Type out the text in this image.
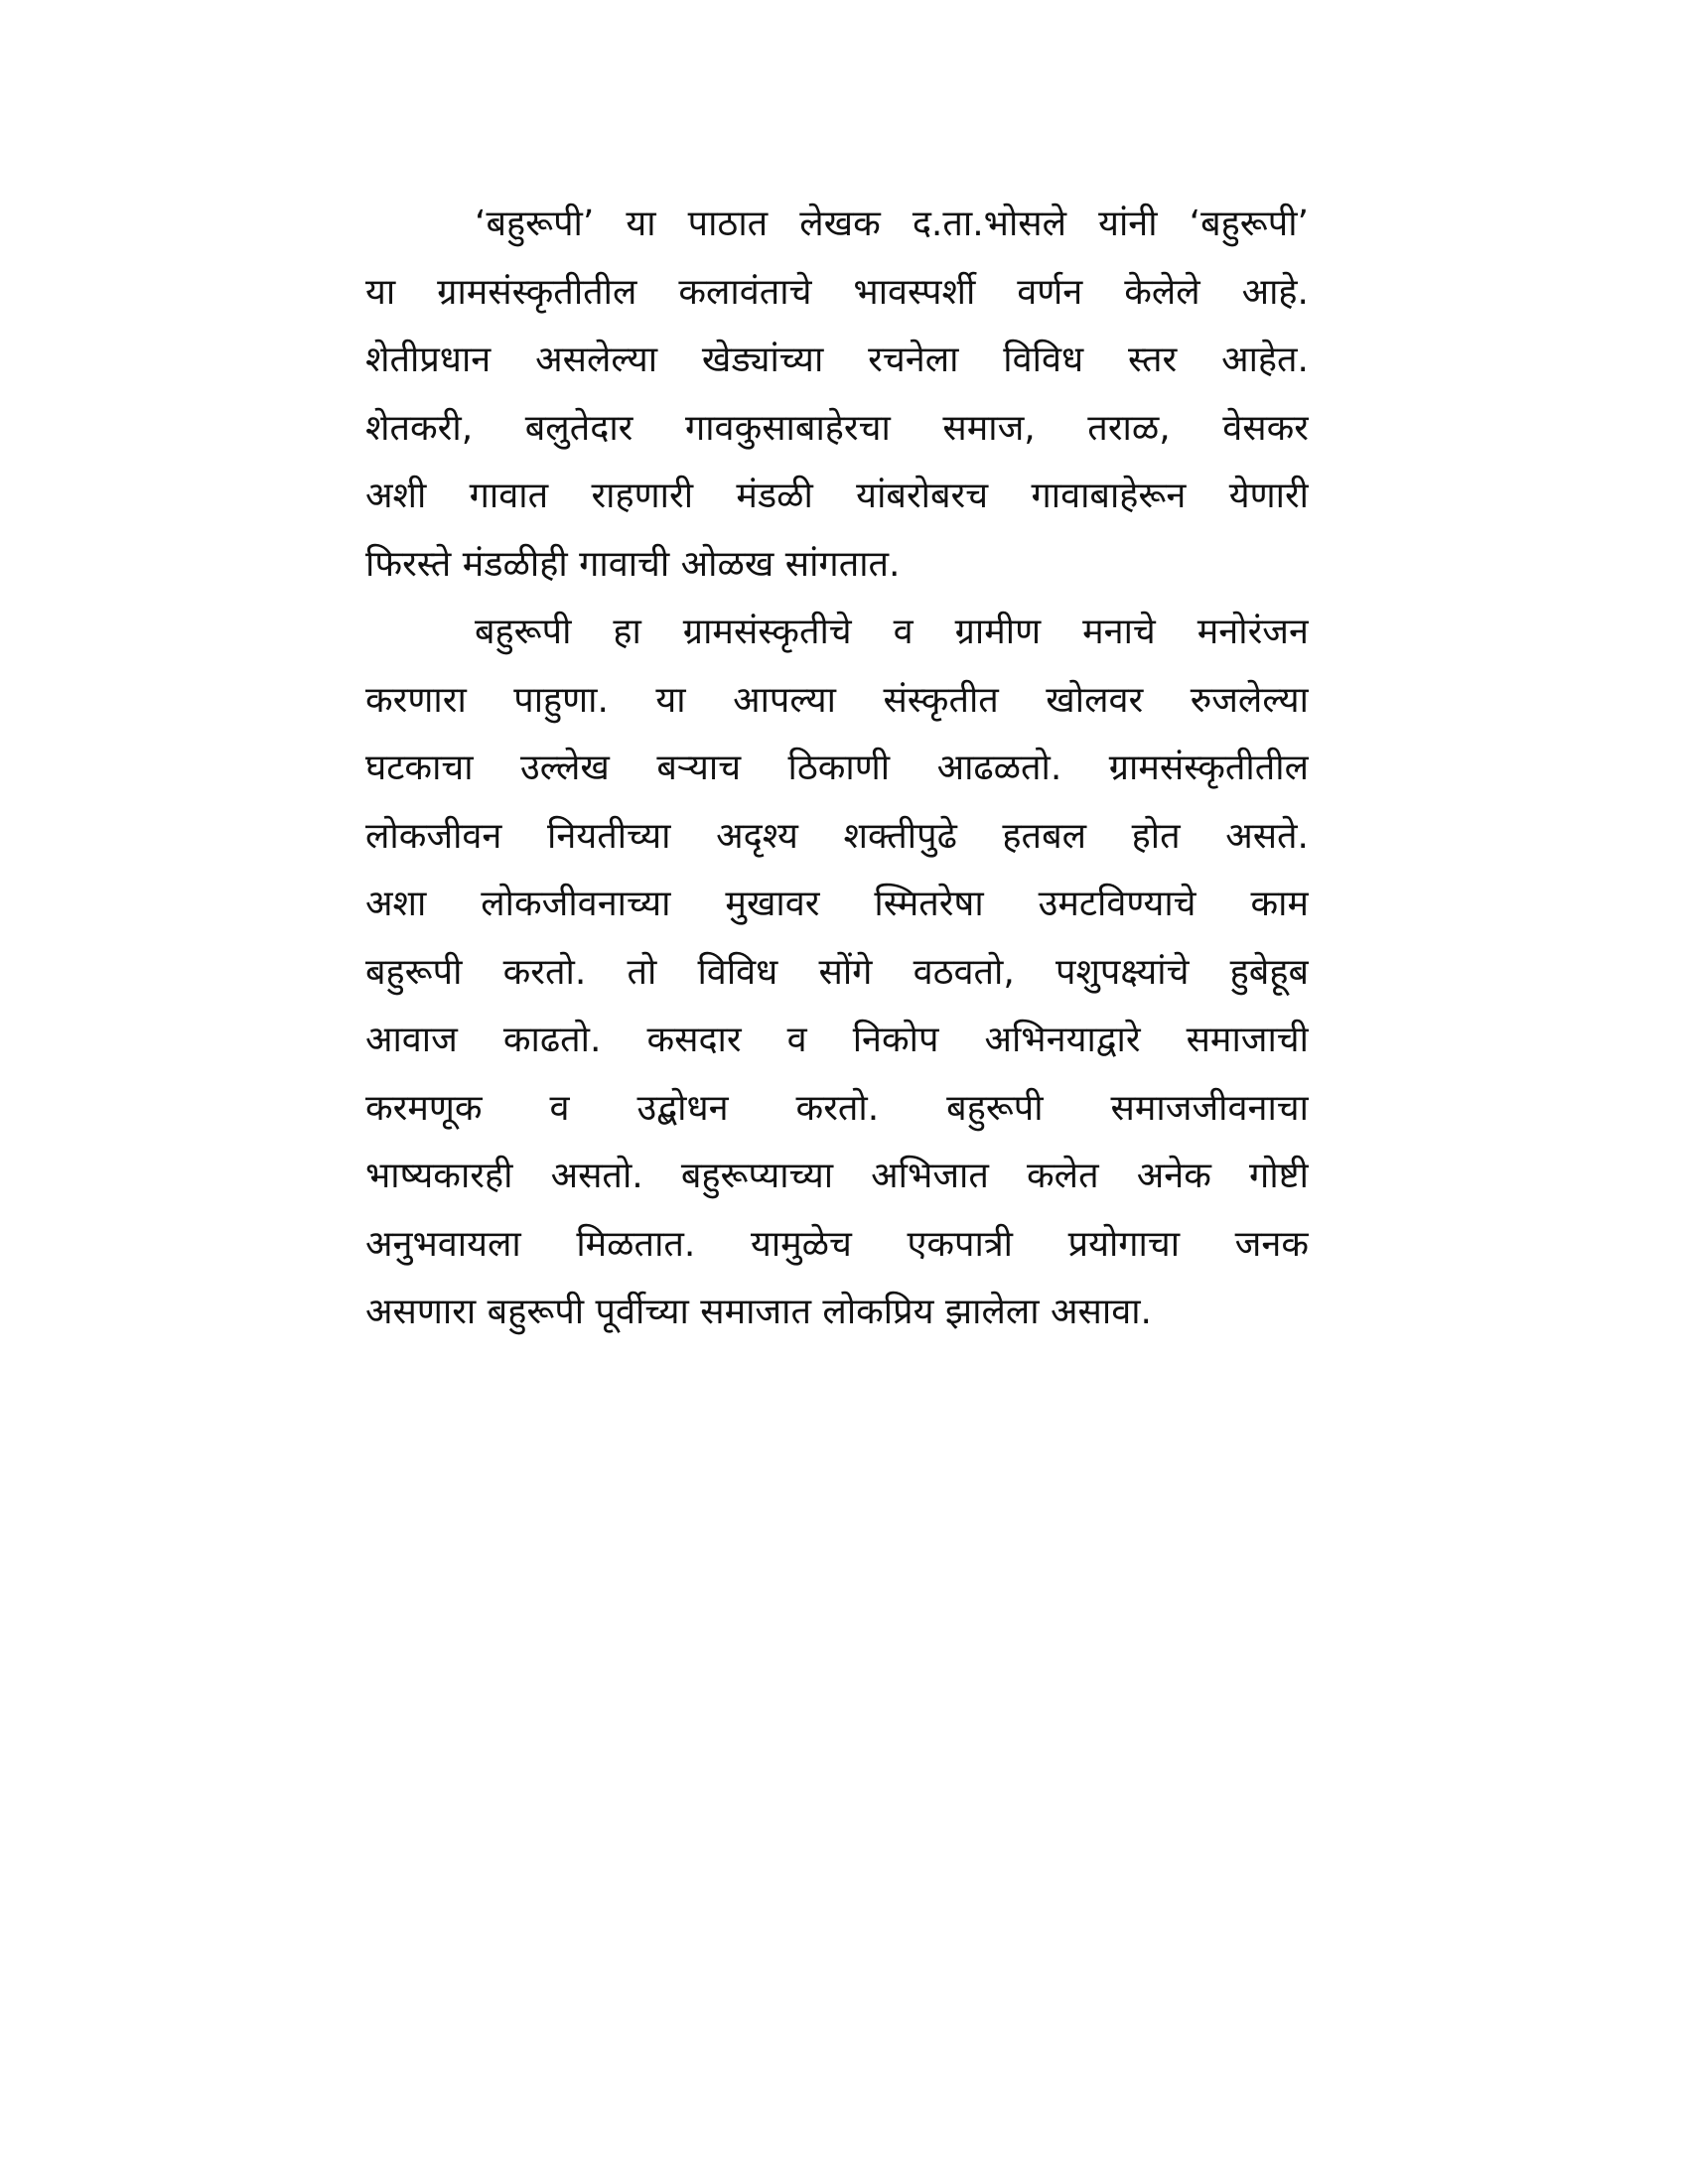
‘बहुरूपी’ या पाठात लेखक द.ता.भोसले यांनी ‘बहुरूपी’
या ग्रामसंस्कृतीतील कलावंताचे भावस्पर्शी वर्णन केलेले आहे.
शेतीप्रधान असलेल्या खेड्यांच्या रचनेला विविध स्तर आहेत.
शेतकरी, बलुतेदार गावकुसाबाहेरचा समाज, तराळ, वेसकर
अशी गावात राहणारी मंडळी यांबरोबरच गावाबाहेरून येणारी
फिरस्ते मंडळीही गावाची ओळख सांगतात.

बहुरूपी हा ग्रामसंस्कृतीचे व ग्रामीण मनाचे मनोरंजन
करणारा पाहुणा. या आपल्या संस्कृतीत खोलवर रुजलेल्या
घटकाचा उल्लेख बऱ्याच ठिकाणी आढळतो. ग्रामसंस्कृतीतील
लोकजीवन नियतीच्या अदृश्य शक्तीपुढे हतबल होत असते.
अशा लोकजीवनाच्या मुखावर स्मितरेषा उमटविण्याचे काम
बहुरूपी करतो. तो विविध सोंगे वठवतो, पशुपक्ष्यांचे हुबेहूब
आवाज काढतो. कसदार व निकोप अभिनयाद्वारे समाजाची
करमणूक व उद्बोधन करतो. बहुरूपी समाजजीवनाचा
भाष्यकारही असतो. बहुरूप्याच्या अभिजात कलेत अनेक गोष्टी
अनुभवायला मिळतात. यामुळेच एकपात्री प्रयोगाचा जनक
असणारा बहुरूपी पूर्वीच्या समाजात लोकप्रिय झालेला असावा.
